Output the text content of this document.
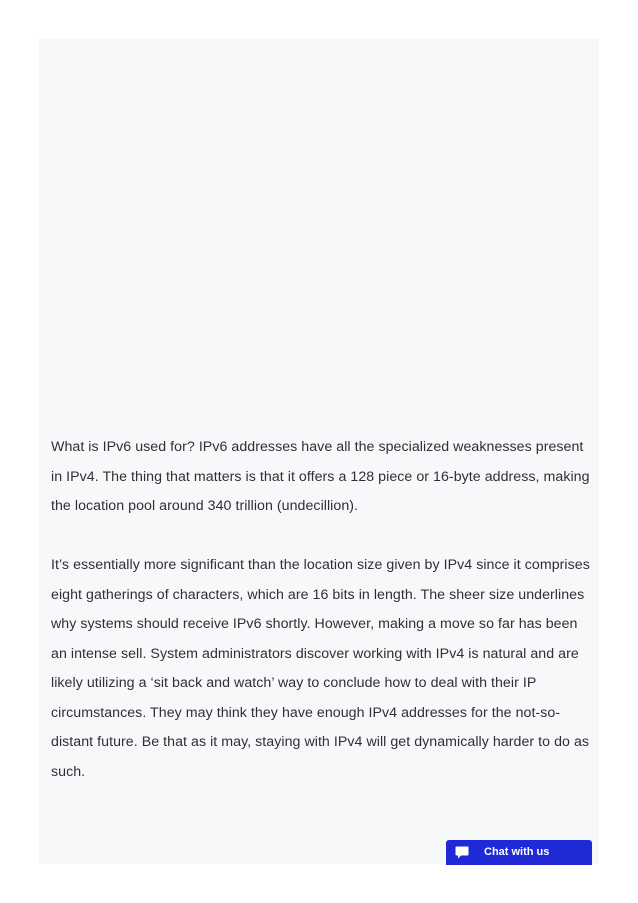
What is IPv6 used for? IPv6 addresses have all the specialized weaknesses present in IPv4. The thing that matters is that it offers a 128 piece or 16-byte address, making the location pool around 340 trillion (undecillion).

It’s essentially more significant than the location size given by IPv4 since it comprises eight gatherings of characters, which are 16 bits in length. The sheer size underlines why systems should receive IPv6 shortly. However, making a move so far has been an intense sell. System administrators discover working with IPv4 is natural and are likely utilizing a ‘sit back and watch’ way to conclude how to deal with their IP circumstances. They may think they have enough IPv4 addresses for the not-so-distant future. Be that as it may, staying with IPv4 will get dynamically harder to do as such.

Chat with us
